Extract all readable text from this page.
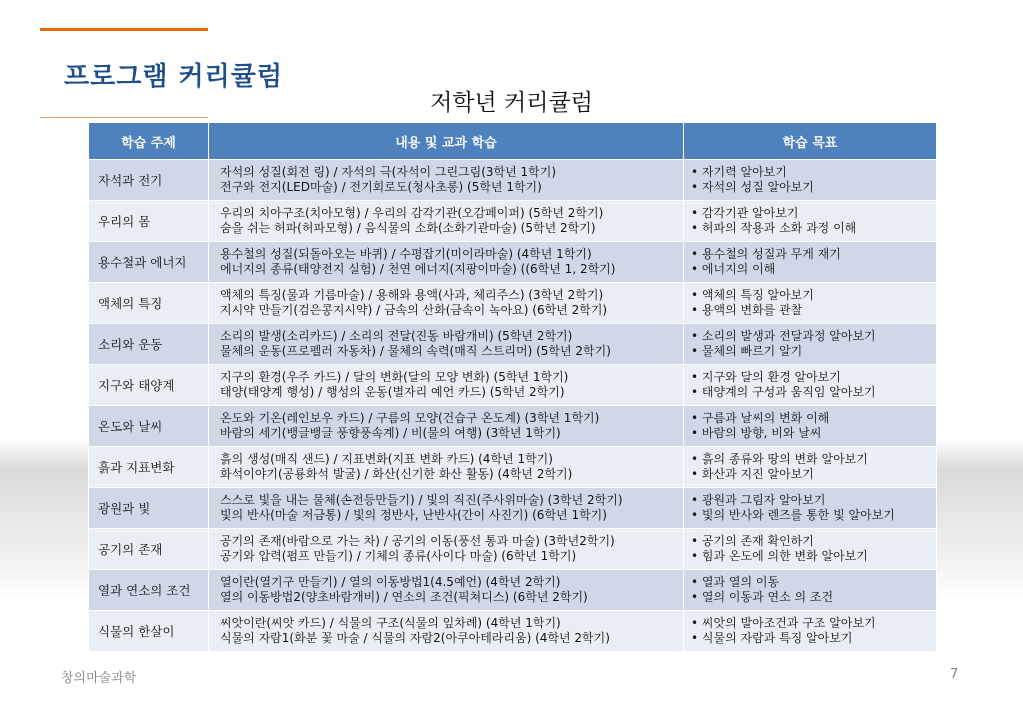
프로그램 커리큘럼
저학년 커리큘럼
학습 주제	내용 및 교과 학습	학습 목표
자석과 전기	자석의 성질(회전 링) / 자석의 극(자석이 그린그림(3학년 1학기)
전구와 전지(LED마술) / 전기회로도(청사초롱) (5학년 1학기)	• 자기력 알아보기
• 자석의 성질 알아보기

우리의 몸	우리의 치아구조(치아모형) / 우리의 감각기관(오감페이퍼) (5학년 2학기)
숨을 쉬는 허파(허파모형) / 음식물의 소화(소화기관마술) (5학년 2학기)	• 감각기관 알아보기
• 허파의 작용과 소화 과정 이해

용수철과 에너지	용수철의 성질(되돌아오는 바퀴) / 수평잡기(미이라마술) (4학년 1학기)
에너지의 종류(태양전지 실험) / 천연 에너지(지팡이마술) ((6학년 1, 2학기)	• 용수철의 성질과 무게 재기
• 에너지의 이해

액체의 특징	액체의 특징(물과 기름마술) / 용해와 용액(사과, 체리주스) (3학년 2학기)
지시약 만들기(검은콩지시약) / 금속의 산화(금속이 녹아요) (6학년 2학기)	• 액체의 특징 알아보기
• 용액의 변화를 관찰

소리와 운동	소리의 발생(소리카드) / 소리의 전달(진동 바람개비) (5학년 2학기)
물체의 운동(프로펠러 자동차) / 물체의 속력(매직 스트리머) (5학년 2학기)	• 소리의 발생과 전달과정 알아보기
• 물체의 빠르기 알기

지구와 태양계	지구의 환경(우주 카드) / 달의 변화(달의 모양 변화) (5학년 1학기)
태양(태양계 행성) / 행성의 운동(별자리 예언 카드) (5학년 2학기)	• 지구와 달의 환경 알아보기
• 태양계의 구성과 움직임 알아보기

온도와 날씨	온도와 기온(레인보우 카드) / 구름의 모양(건습구 온도계) (3학년 1학기)
바람의 세기(뱅글뱅글 풍향풍속계) / 비(물의 여행) (3학년 1학기)	• 구름과 날씨의 변화 이해
• 바람의 방향, 비와 날씨

흙과 지표변화	흙의 생성(매직 샌드) / 지표변화(지표 변화 카드) (4학년 1학기)
화석이야기(공룡화석 발굴) / 화산(신기한 화산 활동) (4학년 2학기)	• 흙의 종류와 땅의 변화 알아보기
• 화산과 지진 알아보기

광원과 빛	스스로 빛을 내는 물체(손전등만들기) / 빛의 직진(주사위마술) (3학년 2학기)
빛의 반사(마술 저금통) / 빛의 정반사, 난반사(간이 사진기) (6학년 1학기)	• 광원과 그림자 알아보기
• 빛의 반사와 렌즈를 통한 빛 알아보기

공기의 존재	공기의 존재(바람으로 가는 차) / 공기의 이동(풍선 통과 마술) (3학년2학기)
공기와 압력(펌프 만들기) / 기체의 종류(사이다 마술) (6학년 1학기)	• 공기의 존재 확인하기
• 힘과 온도에 의한 변화 알아보기

열과 연소의 조건	열이란(열기구 만들기) / 열의 이동방법1(4.5예언) (4학년 2학기)
열의 이동방법2(양초바람개비) / 연소의 조건(픽쳐디스) (6학년 2학기)	• 열과 열의 이동
• 열의 이동과 연소 의 조건

식물의 한살이	씨앗이란(씨앗 카드) / 식물의 구조(식물의 잎차례) (4학년 1학기)
식물의 자람1(화분 꽃 마술 / 식물의 자람2(아쿠아테라리움) (4학년 2학기)	• 씨앗의 발아조건과 구조 알아보기
• 식물의 자람과 특징 알아보기
창의마술과학	7
